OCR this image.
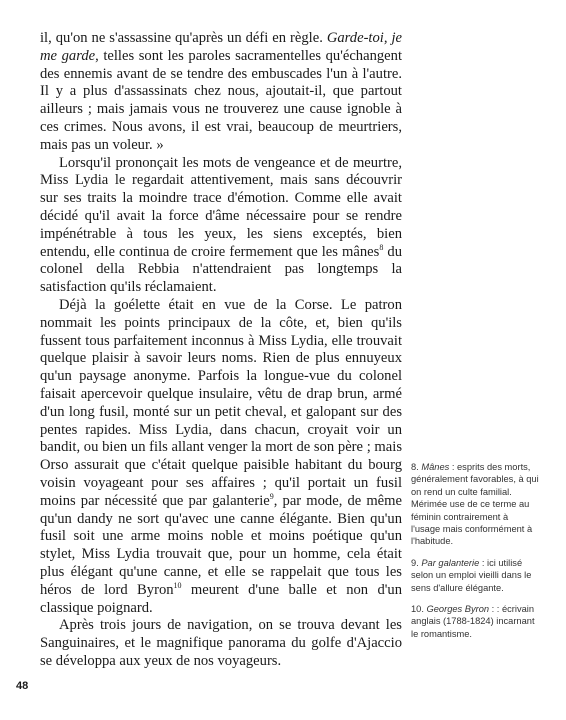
il, qu'on ne s'assassine qu'après un défi en règle. Garde-toi, je me garde, telles sont les paroles sacramentelles qu'échangent des ennemis avant de se tendre des embuscades l'un à l'autre. Il y a plus d'assassinats chez nous, ajoutait-il, que partout ailleurs ; mais jamais vous ne trouverez une cause ignoble à ces crimes. Nous avons, il est vrai, beaucoup de meurtriers, mais pas un voleur. »

Lorsqu'il prononçait les mots de vengeance et de meurtre, Miss Lydia le regardait attentivement, mais sans découvrir sur ses traits la moindre trace d'émotion. Comme elle avait décidé qu'il avait la force d'âme nécessaire pour se rendre impénétrable à tous les yeux, les siens exceptés, bien entendu, elle continua de croire fermement que les mânes$^8$ du colonel della Rebbia n'attendraient pas longtemps la satisfaction qu'ils réclamaient.

Déjà la goélette était en vue de la Corse. Le patron nommait les points principaux de la côte, et, bien qu'ils fussent tous parfaitement inconnus à Miss Lydia, elle trouvait quelque plaisir à savoir leurs noms. Rien de plus ennuyeux qu'un paysage anonyme. Parfois la longue-vue du colonel faisait apercevoir quelque insulaire, vêtu de drap brun, armé d'un long fusil, monté sur un petit cheval, et galopant sur des pentes rapides. Miss Lydia, dans chacun, croyait voir un bandit, ou bien un fils allant venger la mort de son père ; mais Orso assurait que c'était quelque paisible habitant du bourg voisin voyageant pour ses affaires ; qu'il portait un fusil moins par nécessité que par galanterie$^9$, par mode, de même qu'un dandy ne sort qu'avec une canne élégante. Bien qu'un fusil soit une arme moins noble et moins poétique qu'un stylet, Miss Lydia trouvait que, pour un homme, cela était plus élégant qu'une canne, et elle se rappelait que tous les héros de lord Byron$^{10}$ meurent d'une balle et non d'un classique poignard.

Après trois jours de navigation, on se trouva devant les Sanguinaires, et le magnifique panorama du golfe d'Ajaccio se développa aux yeux de nos voyageurs.

8. Mânes : esprits des morts, généralement favorables, à qui on rend un culte familial. Mérimée use de ce terme au féminin contrairement à l'usage mais conformément à l'habitude.
9. Par galanterie : ici utilisé selon un emploi vieilli dans le sens d'allure élégante.
10. Georges Byron : : écrivain anglais (1788-1824) incarnant le romantisme.
48
